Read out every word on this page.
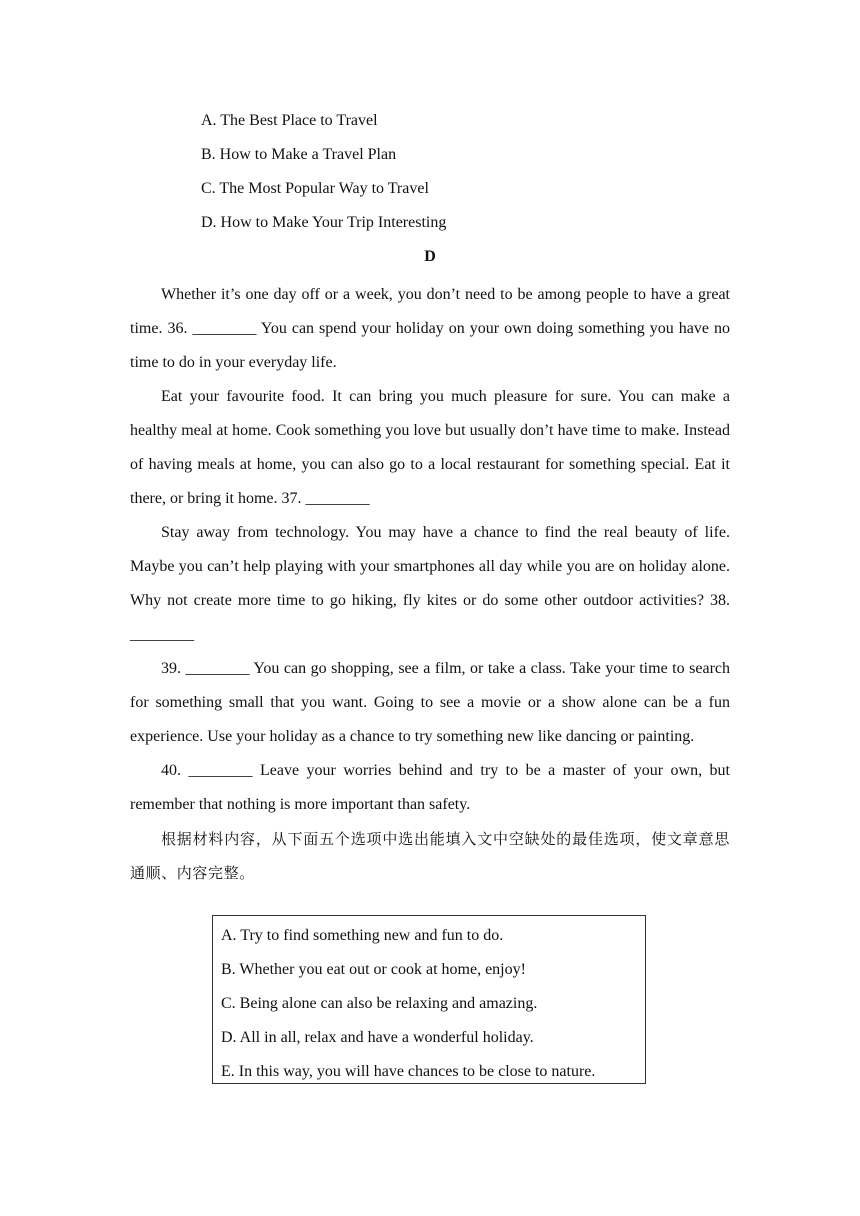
A. The Best Place to Travel
B. How to Make a Travel Plan
C. The Most Popular Way to Travel
D. How to Make Your Trip Interesting
D

Whether it’s one day off or a week, you don’t need to be among people to have a great time. 36. ________ You can spend your holiday on your own doing something you have no time to do in your everyday life.

Eat your favourite food. It can bring you much pleasure for sure. You can make a healthy meal at home. Cook something you love but usually don’t have time to make. Instead of having meals at home, you can also go to a local restaurant for something special. Eat it there, or bring it home. 37. ________

Stay away from technology. You may have a chance to find the real beauty of life. Maybe you can’t help playing with your smartphones all day while you are on holiday alone. Why not create more time to go hiking, fly kites or do some other outdoor activities? 38. ________

39. ________ You can go shopping, see a film, or take a class. Take your time to search for something small that you want. Going to see a movie or a show alone can be a fun experience. Use your holiday as a chance to try something new like dancing or painting.

40. ________ Leave your worries behind and try to be a master of your own, but remember that nothing is more important than safety.

根据材料内容，从下面五个选项中选出能填入文中空缺处的最佳选项，使文章意思通顺、内容完整。

A. Try to find something new and fun to do.
B. Whether you eat out or cook at home, enjoy!
C. Being alone can also be relaxing and amazing.
D. All in all, relax and have a wonderful holiday.
E. In this way, you will have chances to be close to nature.
